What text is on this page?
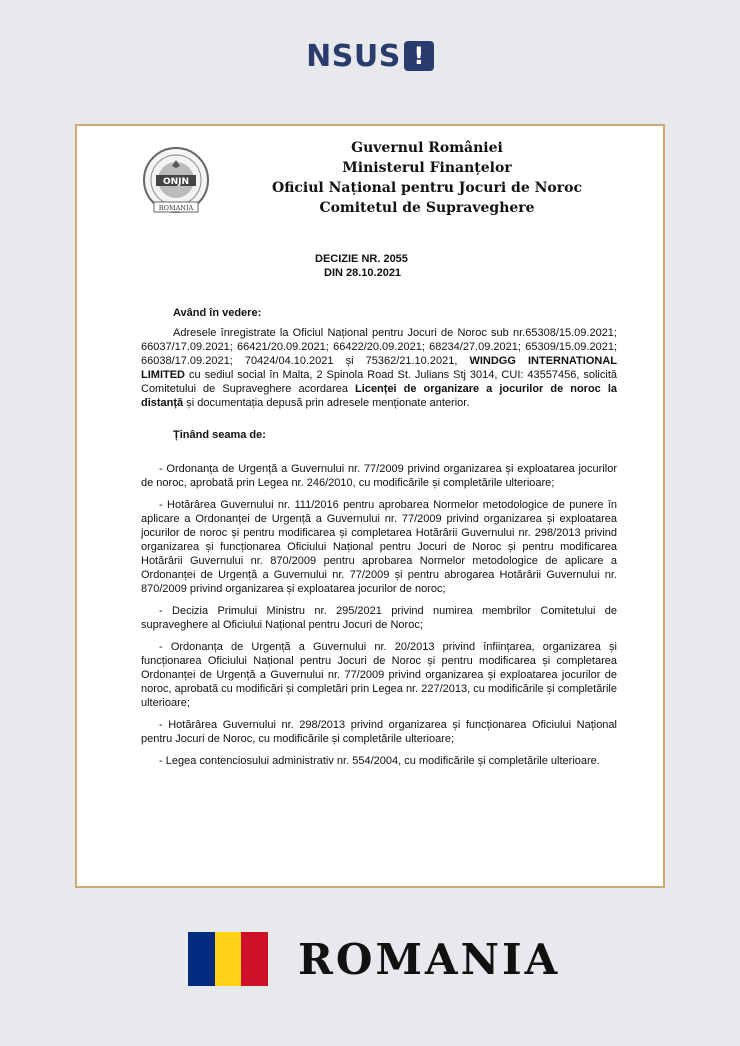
NSUS !
ONJN
ROMANIA
Guvernul României
Ministerul Finanțelor
Oficiul Național pentru Jocuri de Noroc
Comitetul de Supraveghere
DECIZIE NR. 2055
DIN 28.10.2021
Având în vedere:

Adresele înregistrate la Oficiul Național pentru Jocuri de Noroc sub nr.65308/15.09.2021; 66037/17.09.2021; 66421/20.09.2021; 66422/20.09.2021; 68234/27.09.2021; 65309/15.09.2021; 66038/17.09.2021; 70424/04.10.2021 și 75362/21.10.2021, WINDGG INTERNATIONAL LIMITED cu sediul social în Malta, 2 Spinola Road St. Julians Stj 3014, CUI: 43557456, solicită Comitetului de Supraveghere acordarea Licenței de organizare a jocurilor de noroc la distanță și documentația depusă prin adresele menționate anterior.

Ținând seama de:

- Ordonanța de Urgență a Guvernului nr. 77/2009 privind organizarea și exploatarea jocurilor de noroc, aprobată prin Legea nr. 246/2010, cu modificările și completările ulterioare;

- Hotărârea Guvernului nr. 111/2016 pentru aprobarea Normelor metodologice de punere în aplicare a Ordonanței de Urgență a Guvernului nr. 77/2009 privind organizarea și exploatarea jocurilor de noroc și pentru modificarea și completarea Hotărârii Guvernului nr. 298/2013 privind organizarea și funcționarea Oficiului Național pentru Jocuri de Noroc și pentru modificarea Hotărârii Guvernului nr. 870/2009 pentru aprobarea Normelor metodologice de aplicare a Ordonanței de Urgență a Guvernului nr. 77/2009 și pentru abrogarea Hotărârii Guvernului nr. 870/2009 privind organizarea și exploatarea jocurilor de noroc;

- Decizia Primului Ministru nr. 295/2021 privind numirea membrilor Comitetului de supraveghere al Oficiului Național pentru Jocuri de Noroc;

- Ordonanța de Urgență a Guvernului nr. 20/2013 privind înființarea, organizarea și funcționarea Oficiului Național pentru Jocuri de Noroc și pentru modificarea și completarea Ordonanței de Urgență a Guvernului nr. 77/2009 privind organizarea și exploatarea jocurilor de noroc, aprobată cu modificări și completări prin Legea nr. 227/2013, cu modificările și completările ulterioare;

- Hotărârea Guvernului nr. 298/2013 privind organizarea și funcționarea Oficiului Național pentru Jocuri de Noroc, cu modificările și completările ulterioare;

- Legea contenciosului administrativ nr. 554/2004, cu modificările și completările ulterioare.

ROMANIA
